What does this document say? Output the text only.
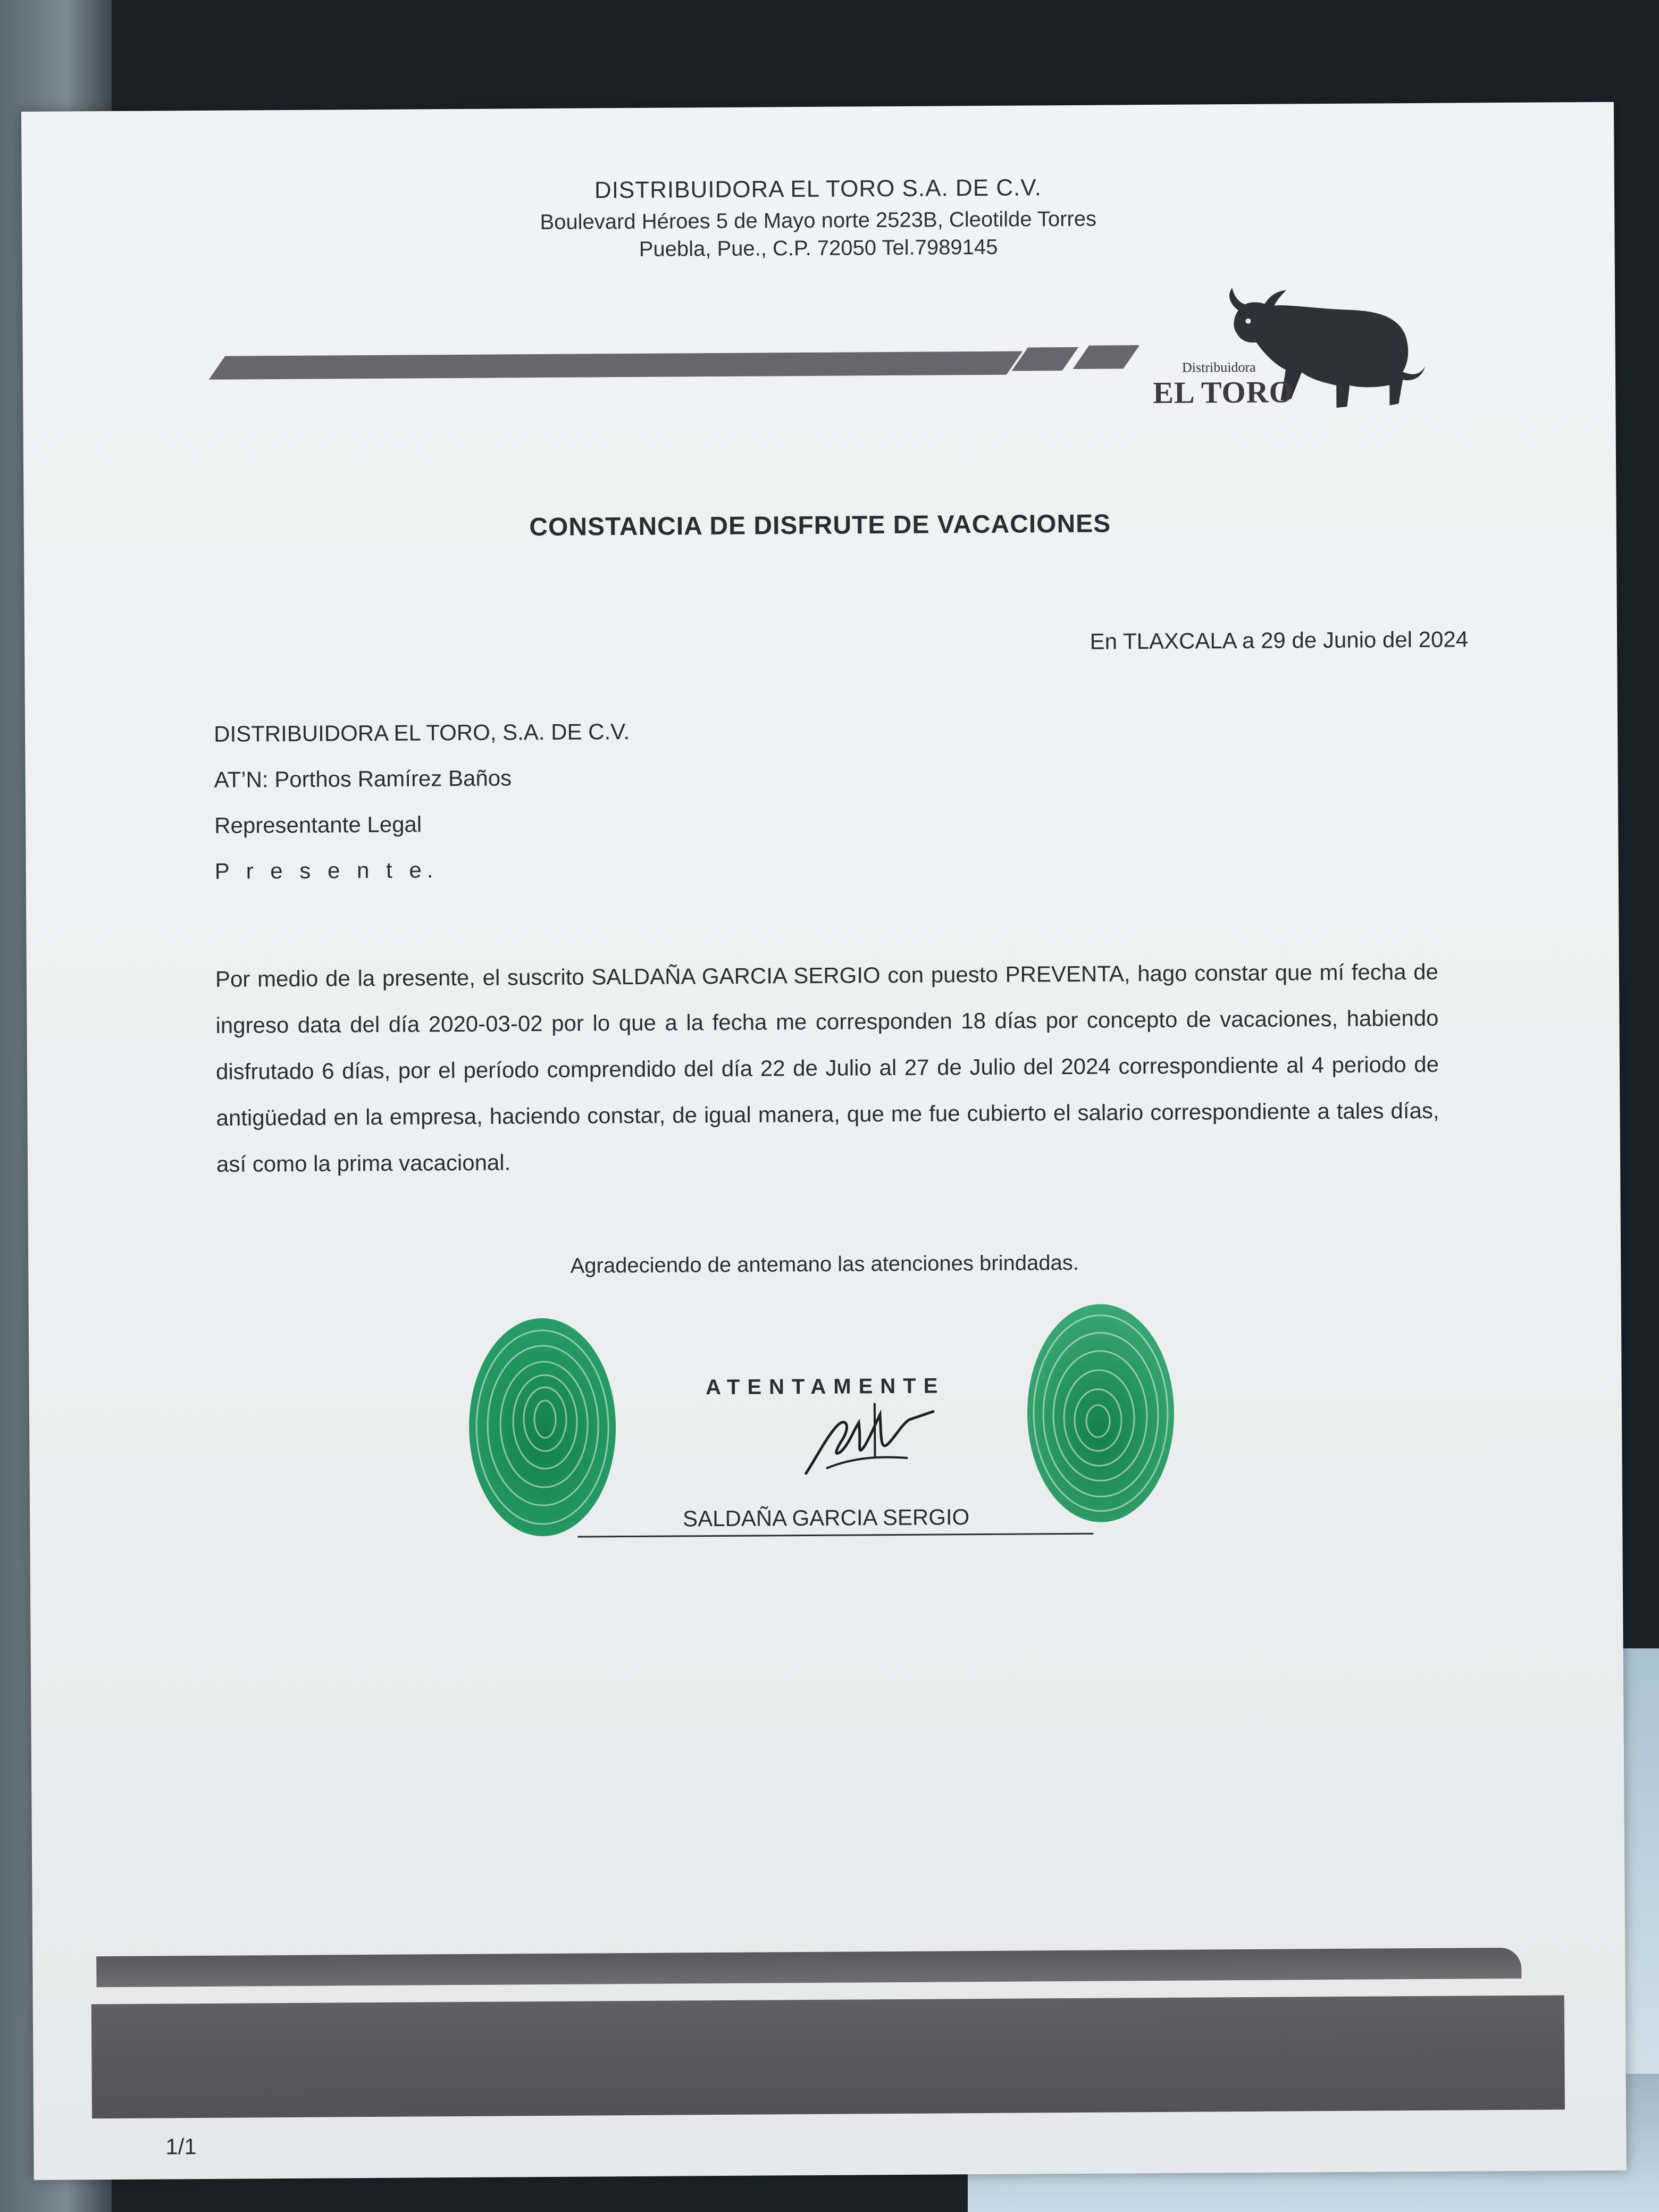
DISTRIBUIDORA EL TORO S.A. DE C.V.
Boulevard Héroes 5 de Mayo norte 2523B, Cleotilde Torres
Puebla, Pue., C.P. 72050 Tel.7989145
Distribuidora
EL TORO
CONSTANCIA DE DISFRUTE DE VACACIONES
En TLAXCALA a 29 de Junio del 2024
DISTRIBUIDORA EL TORO, S.A. DE C.V.
AT’N: Porthos Ramírez Baños
Representante Legal
P r e s e n t e.
Por medio de la presente, el suscrito SALDAÑA GARCIA SERGIO con puesto PREVENTA, hago constar que mí fecha de ingreso data del día 2020-03-02 por lo que a la fecha me corresponden 18 días por concepto de vacaciones, habiendo disfrutado 6 días, por el período comprendido del día 22 de Julio al 27 de Julio del 2024 correspondiente al 4 periodo de antigüedad en la empresa, haciendo constar, de igual manera, que me fue cubierto el salario correspondiente a tales días, así como la prima vacacional.
Agradeciendo de antemano las atenciones brindadas.
ATENTAMENTE
SALDAÑA GARCIA SERGIO
1/1
